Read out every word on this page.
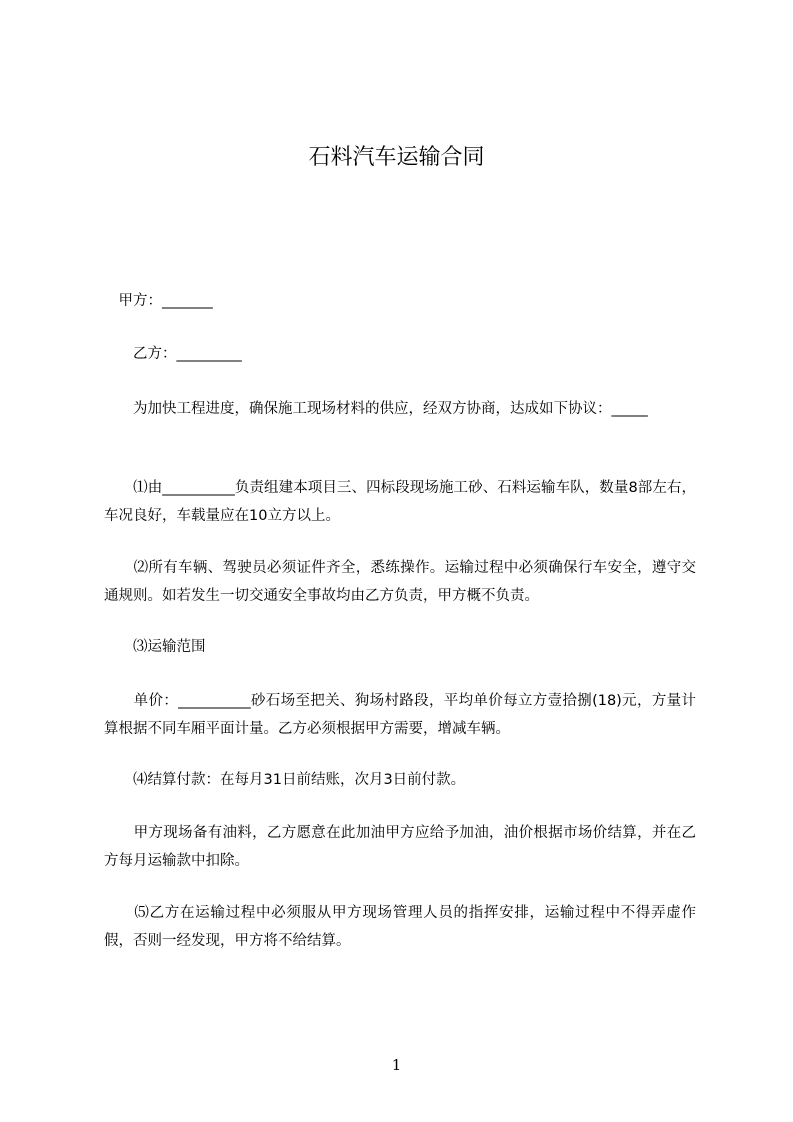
石料汽车运输合同

　甲方：_______

　　乙方：_________

　　为加快工程进度，确保施工现场材料的供应，经双方协商，达成如下协议：_____

　　⑴由__________负责组建本项目三、四标段现场施工砂、石料运输车队，数量8部左右，车况良好，车载量应在10立方以上。

　　⑵所有车辆、驾驶员必须证件齐全，悉练操作。运输过程中必须确保行车安全，遵守交通规则。如若发生一切交通安全事故均由乙方负责，甲方概不负责。

　　⑶运输范围

　　单价：__________砂石场至把关、狗场村路段，平均单价每立方壹拾捌(18)元，方量计算根据不同车厢平面计量。乙方必须根据甲方需要，增减车辆。

　　⑷结算付款：在每月31日前结账，次月3日前付款。

　　甲方现场备有油料，乙方愿意在此加油甲方应给予加油，油价根据市场价结算，并在乙方每月运输款中扣除。

　　⑸乙方在运输过程中必须服从甲方现场管理人员的指挥安排，运输过程中不得弄虚作假，否则一经发现，甲方将不给结算。

1
